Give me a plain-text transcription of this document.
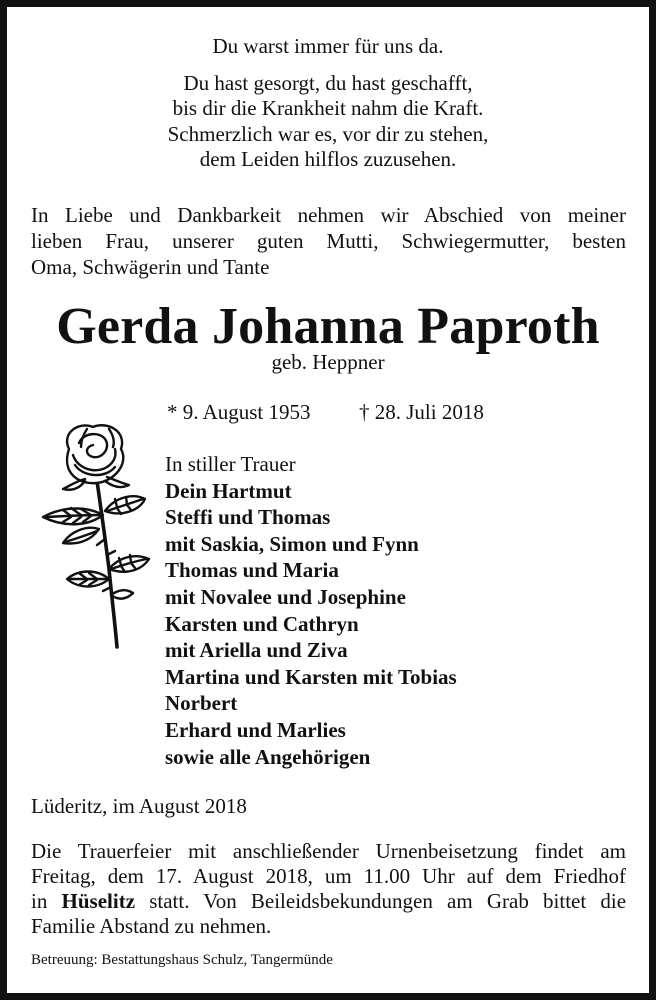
Du warst immer für uns da.

Du hast gesorgt, du hast geschafft,

bis dir die Krankheit nahm die Kraft.

Schmerzlich war es, vor dir zu stehen,

dem Leiden hilflos zuzusehen.

In Liebe und Dankbarkeit nehmen wir Abschied von meiner

lieben Frau, unserer guten Mutti, Schwiegermutter, besten

Oma, Schwägerin und Tante

Gerda Johanna Paproth

geb. Heppner

* 9. August 1953 † 28. Juli 2018

In stiller Trauer
Dein Hartmut
Steffi und Thomas
mit Saskia, Simon und Fynn
Thomas und Maria
mit Novalee und Josephine
Karsten und Cathryn
mit Ariella und Ziva
Martina und Karsten mit Tobias
Norbert
Erhard und Marlies
sowie alle Angehörigen

Lüderitz, im August 2018

Die Trauerfeier mit anschließender Urnenbeisetzung findet am

Freitag, dem 17. August 2018, um 11.00 Uhr auf dem Friedhof

in Hüselitz statt. Von Beileidsbekundungen am Grab bittet die

Familie Abstand zu nehmen.

Betreuung: Bestattungshaus Schulz, Tangermünde
